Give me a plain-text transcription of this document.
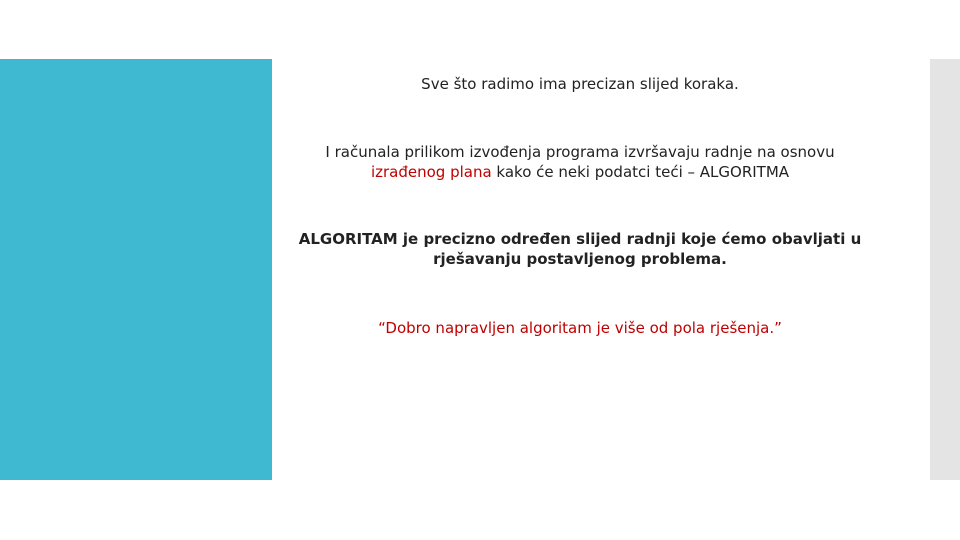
Sve što radimo ima precizan slijed koraka.

I računala prilikom izvođenja programa izvršavaju radnje na osnovu
izrađenog plana kako će neki podatci teći – ALGORITMA

ALGORITAM je precizno određen slijed radnji koje ćemo obavljati u rješavanju postavljenog problema.

“Dobro napravljen algoritam je više od pola rješenja.”
